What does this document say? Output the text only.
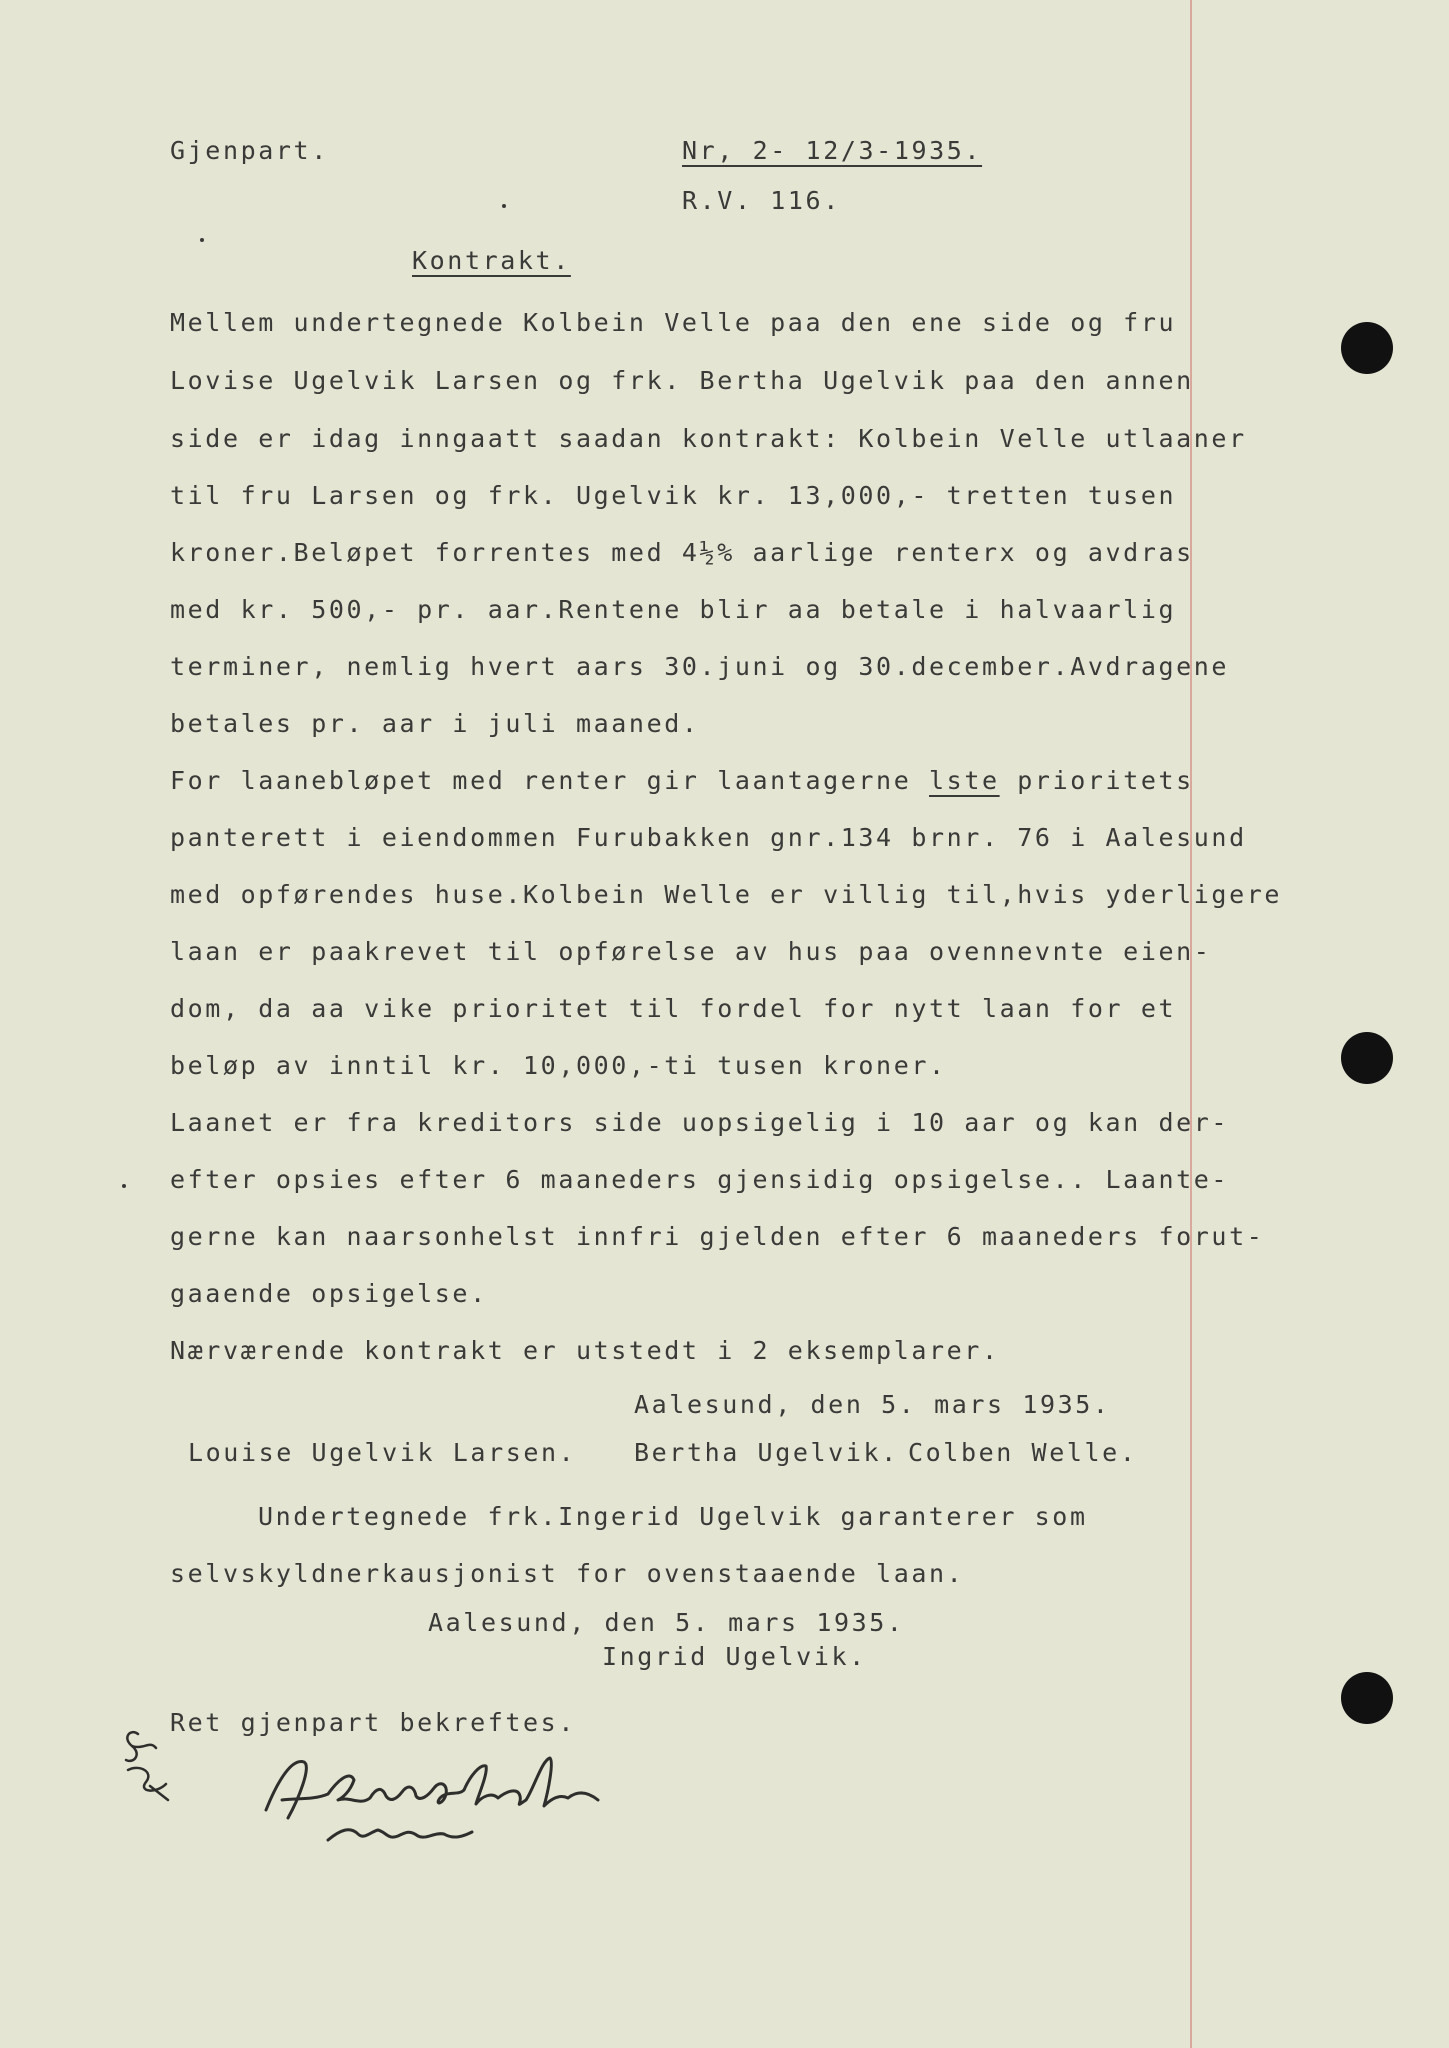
Gjenpart.	Nr, 2- 12/3-1935.
R.V. 116.
Kontrakt.
Mellem undertegnede Kolbein Velle paa den ene side og fru
Lovise Ugelvik Larsen og frk. Bertha Ugelvik paa den annen
side er idag inngaatt saadan kontrakt: Kolbein Velle utlaaner
til fru Larsen og frk. Ugelvik kr. 13,000,- tretten tusen
kroner.Beløpet forrentes med 4½% aarlige renterx og avdras
med kr. 500,- pr. aar.Rentene blir aa betale i halvaarlig
terminer, nemlig hvert aars 30.juni og 30.december.Avdragene
betales pr. aar i juli maaned.
For laanebløpet med renter gir laantagerne lste prioritets
panterett i eiendommen Furubakken gnr.134 brnr. 76 i Aalesund
med opførendes huse.Kolbein Welle er villig til,hvis yderligere
laan er paakrevet til opførelse av hus paa ovennevnte eien-
dom, da aa vike prioritet til fordel for nytt laan for et
beløp av inntil kr. 10,000,-ti tusen kroner.
Laanet er fra kreditors side uopsigelig i 10 aar og kan der-
efter opsies efter 6 maaneders gjensidig opsigelse.. Laante-
gerne kan naarsonhelst innfri gjelden efter 6 maaneders forut-
gaaende opsigelse.
Nærværende kontrakt er utstedt i 2 eksemplarer.
Aalesund, den 5. mars 1935.
Louise Ugelvik Larsen. Bertha Ugelvik. Colben Welle.
Undertegnede frk.Ingerid Ugelvik garanterer som
selvskyldnerkausjonist for ovenstaaende laan.
Aalesund, den 5. mars 1935.
Ingrid Ugelvik.
Ret gjenpart bekreftes.
